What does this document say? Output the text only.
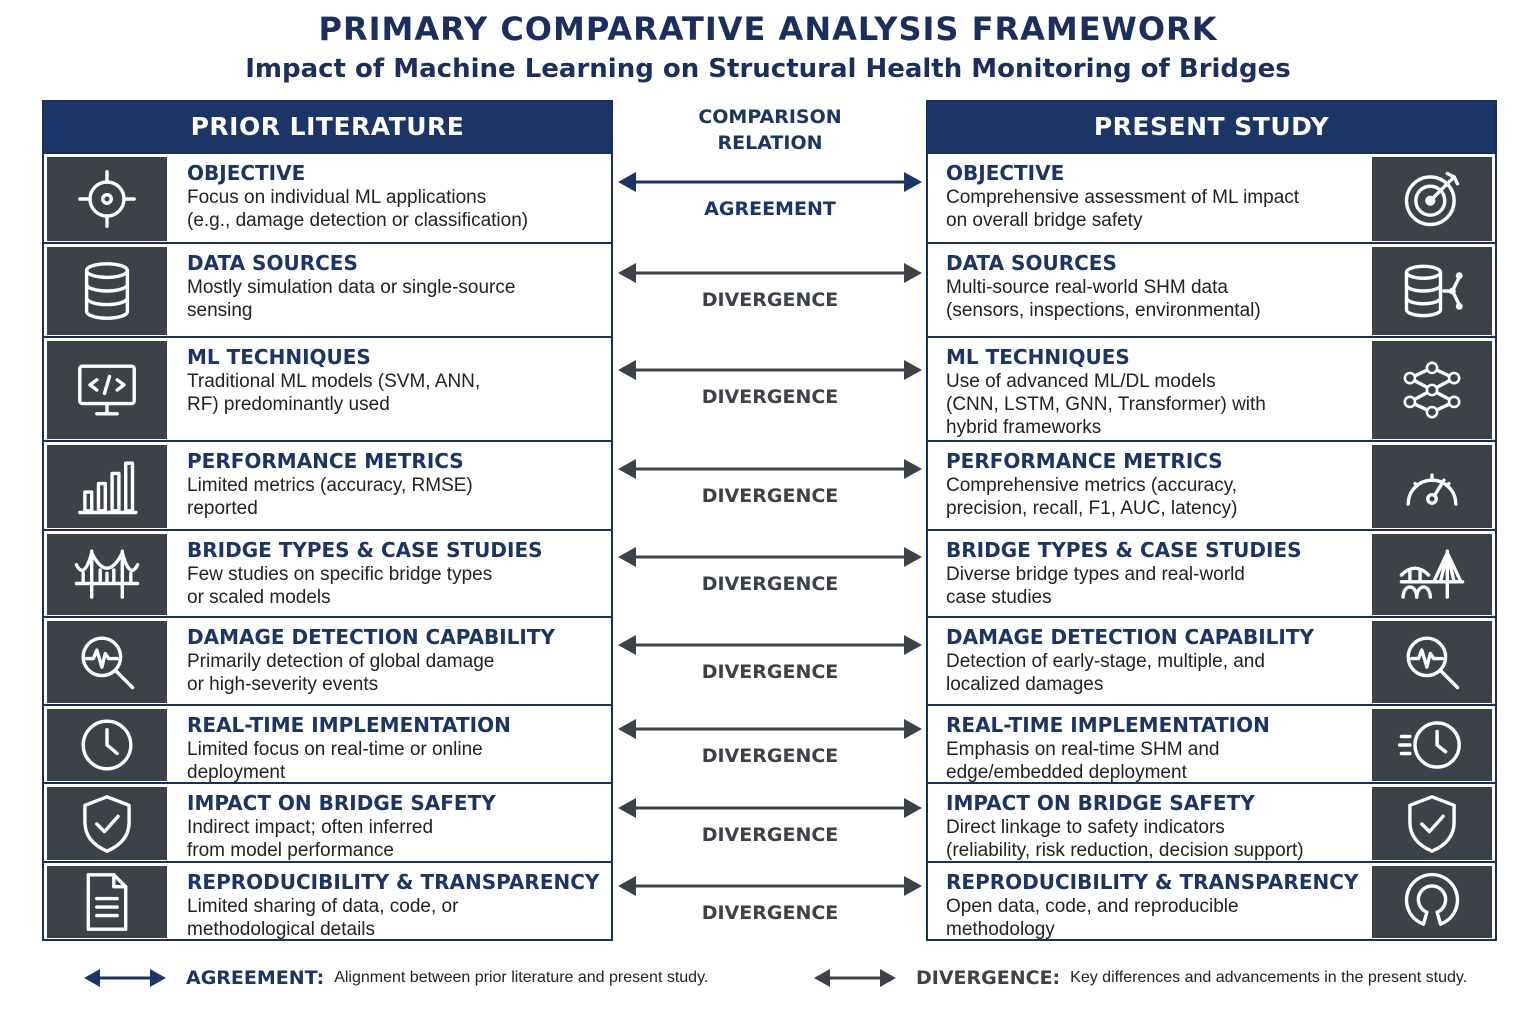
PRIMARY COMPARATIVE ANALYSIS FRAMEWORK
Impact of Machine Learning on Structural Health Monitoring of Bridges
PRIOR LITERATURE
OBJECTIVE
Focus on individual ML applications
(e.g., damage detection or classification)
DATA SOURCES
Mostly simulation data or single-source
sensing
ML TECHNIQUES
Traditional ML models (SVM, ANN,
RF) predominantly used
PERFORMANCE METRICS
Limited metrics (accuracy, RMSE)
reported
BRIDGE TYPES & CASE STUDIES
Few studies on specific bridge types
or scaled models
DAMAGE DETECTION CAPABILITY
Primarily detection of global damage
or high-severity events
REAL-TIME IMPLEMENTATION
Limited focus on real-time or online
deployment
IMPACT ON BRIDGE SAFETY
Indirect impact; often inferred
from model performance
REPRODUCIBILITY & TRANSPARENCY
Limited sharing of data, code, or
methodological details
PRESENT STUDY
OBJECTIVE
Comprehensive assessment of ML impact
on overall bridge safety
DATA SOURCES
Multi-source real-world SHM data
(sensors, inspections, environmental)
ML TECHNIQUES
Use of advanced ML/DL models
(CNN, LSTM, GNN, Transformer) with
hybrid frameworks
PERFORMANCE METRICS
Comprehensive metrics (accuracy,
precision, recall, F1, AUC, latency)
BRIDGE TYPES & CASE STUDIES
Diverse bridge types and real-world
case studies
DAMAGE DETECTION CAPABILITY
Detection of early-stage, multiple, and
localized damages
REAL-TIME IMPLEMENTATION
Emphasis on real-time SHM and
edge/embedded deployment
IMPACT ON BRIDGE SAFETY
Direct linkage to safety indicators
(reliability, risk reduction, decision support)
REPRODUCIBILITY & TRANSPARENCY
Open data, code, and reproducible
methodology
COMPARISON
RELATION
AGREEMENT
DIVERGENCE
DIVERGENCE
DIVERGENCE
DIVERGENCE
DIVERGENCE
DIVERGENCE
DIVERGENCE
DIVERGENCE
AGREEMENT: Alignment between prior literature and present study.	DIVERGENCE: Key differences and advancements in the present study.
